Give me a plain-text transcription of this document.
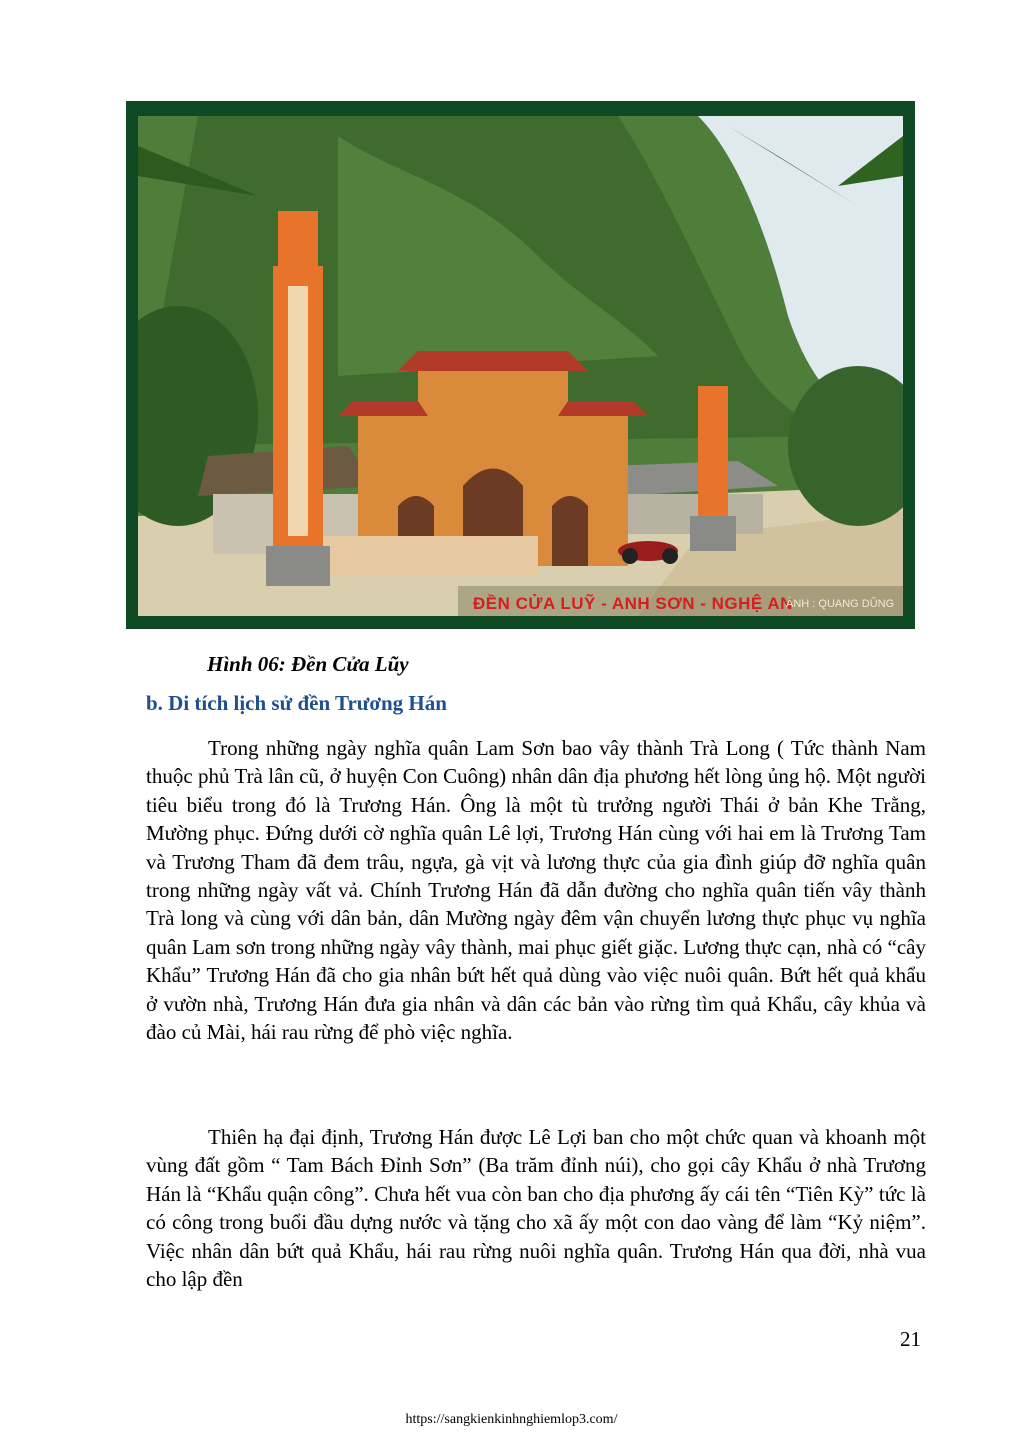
ĐỀN CỬA LUỸ - ANH SƠN - NGHỆ AN
ẢNH : QUANG DŨNG
Hình 06: Đền Cửa Lũy
b. Di tích lịch sử đền Trương Hán

Trong những ngày nghĩa quân Lam Sơn bao vây thành Trà Long ( Tức thành Nam thuộc phủ Trà lân cũ, ở huyện Con Cuông) nhân dân địa phương hết lòng ủng hộ. Một người tiêu biểu trong đó là Trương Hán. Ông là một tù trưởng người Thái ở bản Khe Trằng, Mường phục. Đứng dưới cờ nghĩa quân Lê lợi, Trương Hán cùng với hai em là Trương Tam và Trương Tham đã đem trâu, ngựa, gà vịt và lương thực của gia đình giúp đỡ nghĩa quân trong những ngày vất vả. Chính Trương Hán đã dẫn đường cho nghĩa quân tiến vây thành Trà long và cùng với dân bản, dân Mường ngày đêm vận chuyển lương thực phục vụ nghĩa quân Lam sơn trong những ngày vây thành, mai phục giết giặc. Lương thực cạn, nhà có “cây Khẩu” Trương Hán đã cho gia nhân bứt hết quả dùng vào việc nuôi quân. Bứt hết quả khẩu ở vườn nhà, Trương Hán đưa gia nhân và dân các bản vào rừng tìm quả Khẩu, cây khủa và đào củ Mài, hái rau rừng để phò việc nghĩa.

Thiên hạ đại định, Trương Hán được Lê Lợi ban cho một chức quan và khoanh một vùng đất gồm “ Tam Bách Đỉnh Sơn” (Ba trăm đỉnh núi), cho gọi cây Khẩu ở nhà Trương Hán là “Khẩu quận công”. Chưa hết vua còn ban cho địa phương ấy cái tên “Tiên Kỳ” tức là có công trong buổi đầu dựng nước và tặng cho xã ấy một con dao vàng để làm “Kỷ niệm”. Việc nhân dân bứt quả Khẩu, hái rau rừng nuôi nghĩa quân. Trương Hán qua đời, nhà vua cho lập đền

21
https://sangkienkinhnghiemlop3.com/
